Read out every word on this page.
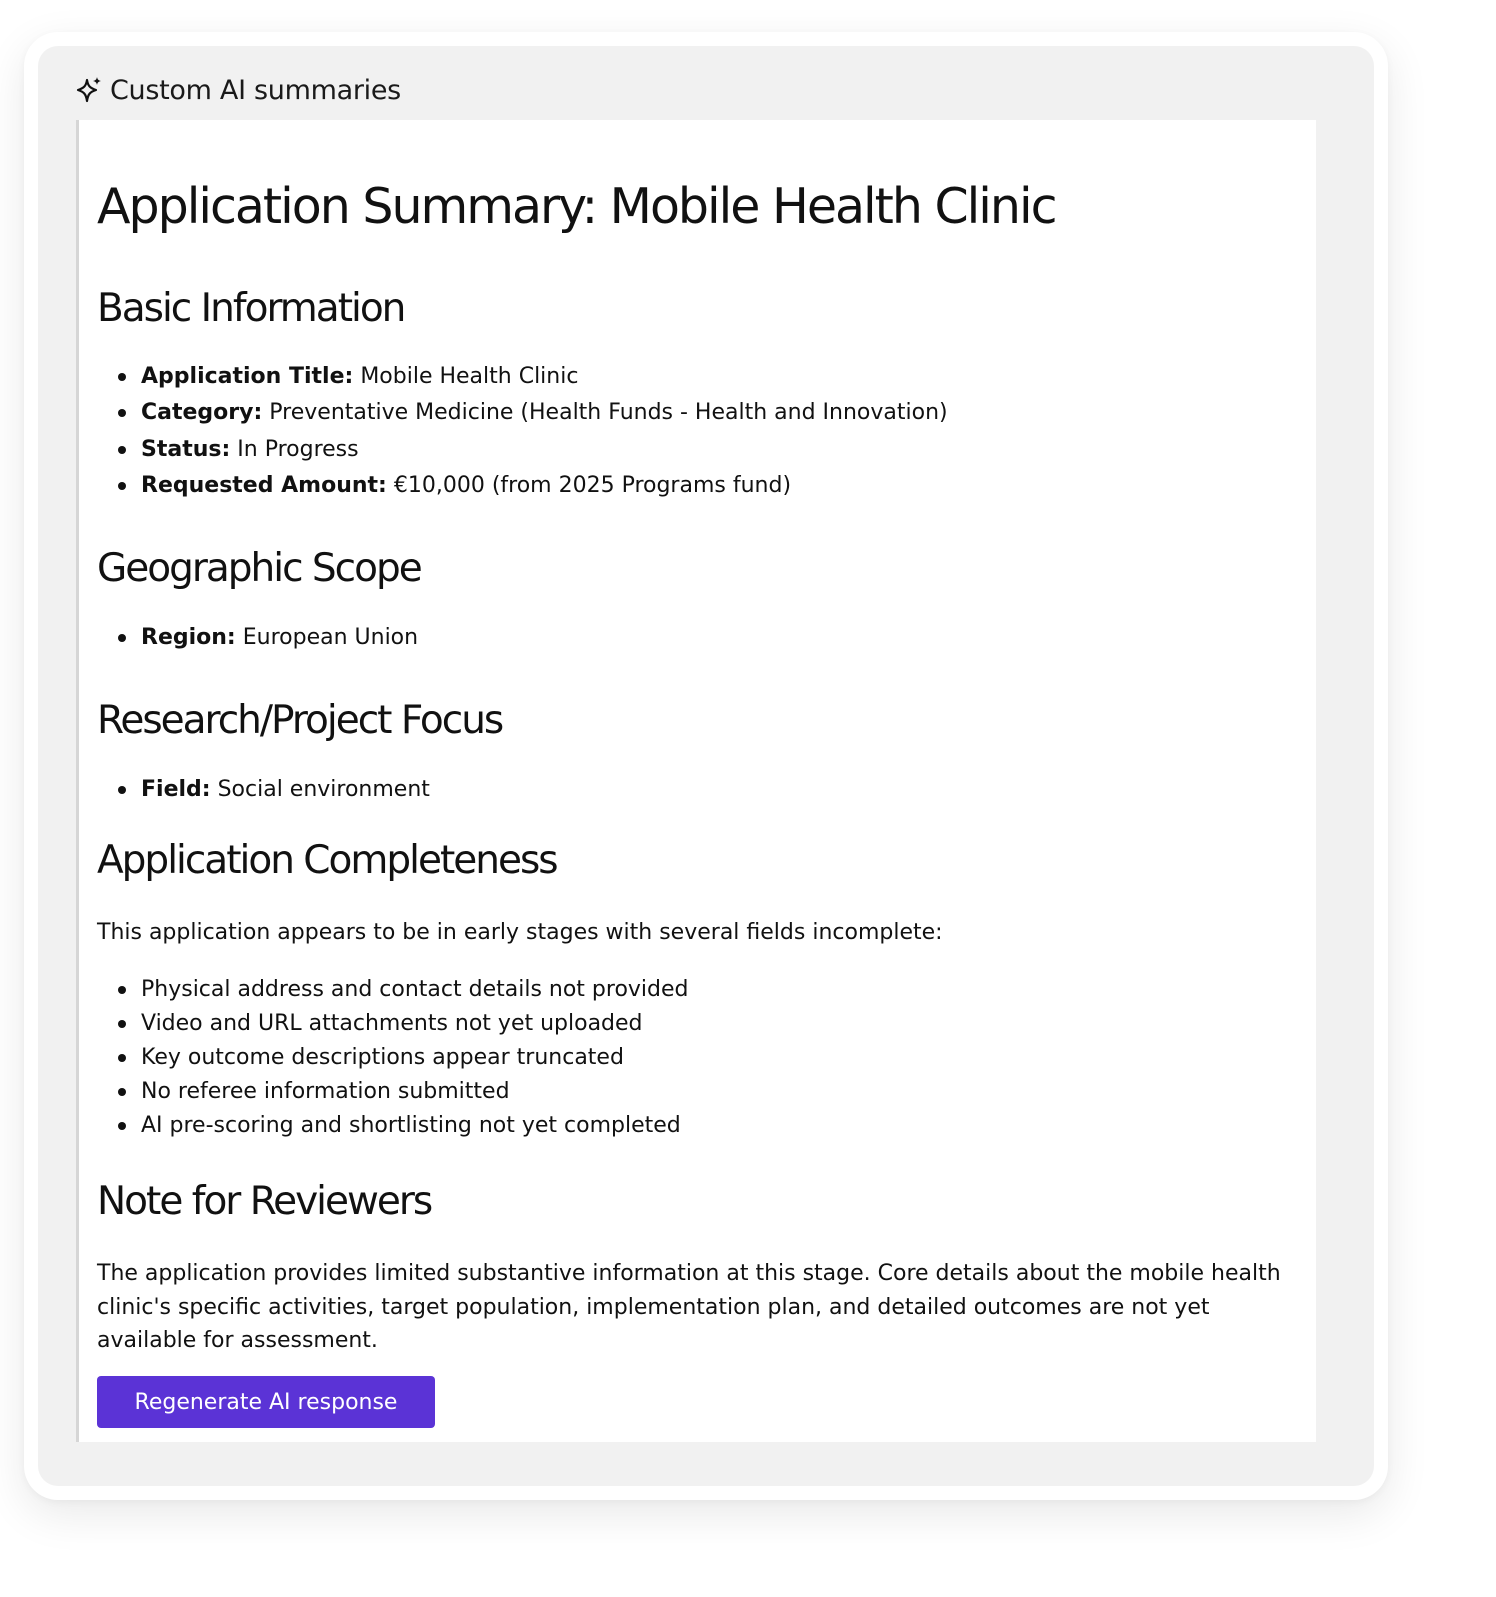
Custom AI summaries
Application Summary: Mobile Health Clinic
Basic Information
Application Title: Mobile Health Clinic
Category: Preventative Medicine (Health Funds - Health and Innovation)
Status: In Progress
Requested Amount: €10,000 (from 2025 Programs fund)
Geographic Scope
Region: European Union
Research/Project Focus
Field: Social environment
Application Completeness

This application appears to be in early stages with several fields incomplete:

Physical address and contact details not provided
Video and URL attachments not yet uploaded
Key outcome descriptions appear truncated
No referee information submitted
AI pre-scoring and shortlisting not yet completed
Note for Reviewers

The application provides limited substantive information at this stage. Core details about the mobile health clinic's specific activities, target population, implementation plan, and detailed outcomes are not yet available for assessment.

Regenerate AI response
